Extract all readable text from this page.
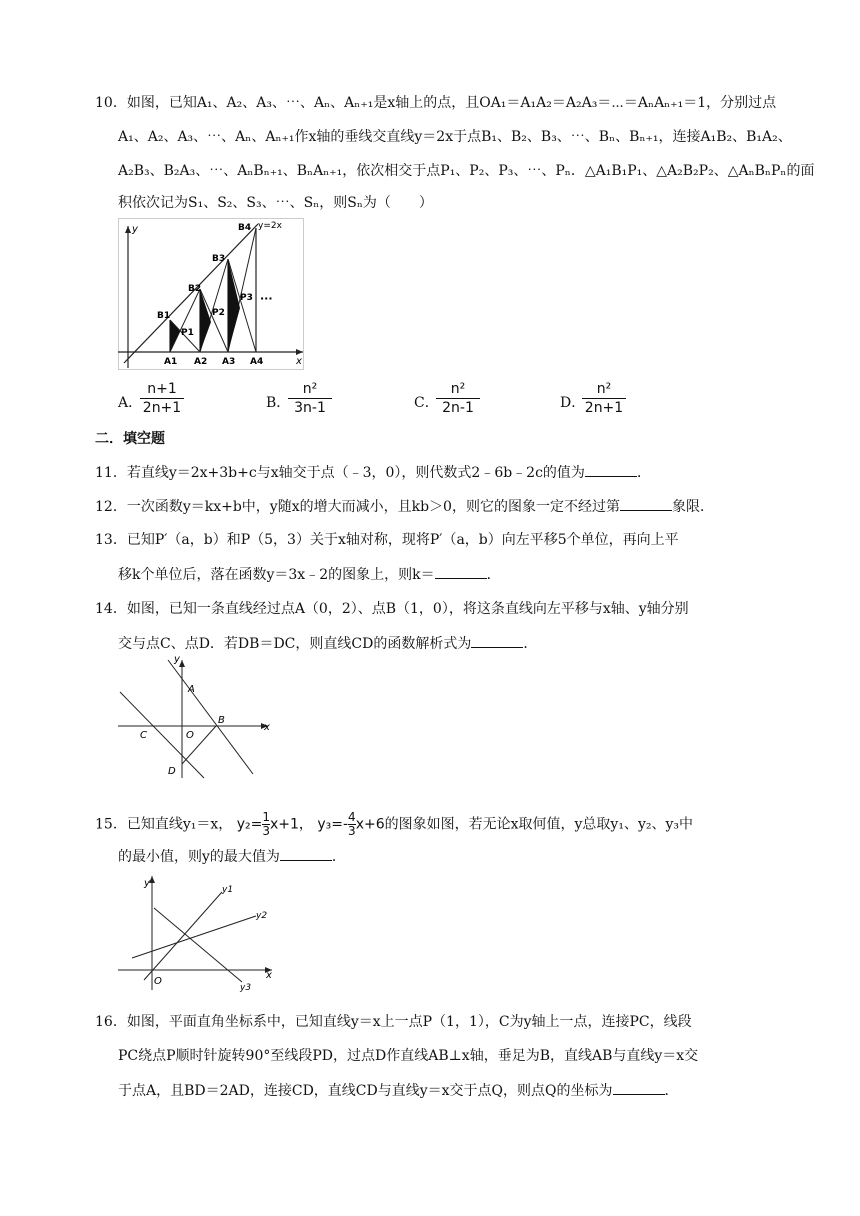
10．如图，已知A₁、A₂、A₃、⋯、Aₙ、Aₙ₊₁是x轴上的点，且OA₁＝A₁A₂＝A₂A₃＝⋯＝AₙAₙ₊₁＝1，分别过点
A₁、A₂、A₃、⋯、Aₙ、Aₙ₊₁作x轴的垂线交直线y＝2x于点B₁、B₂、B₃、⋯、Bₙ、Bₙ₊₁，连接A₁B₂、B₁A₂、
A₂B₃、B₂A₃、⋯、AₙBₙ₊₁、BₙAₙ₊₁，依次相交于点P₁、P₂、P₃、⋯、Pₙ．△A₁B₁P₁、△A₂B₂P₂、△AₙBₙPₙ的面
积依次记为S₁、S₂、S₃、⋯、Sₙ，则Sₙ为（　　）
y
x
y=2x
···
B1
B2
B3
B4
P1
P2
P3
A1 A2 A3 A4
A．
n+1
2n+1	B．
n²
3n-1	C．
n²
2n-1	D．
n²
2n+1
二．填空题
11．若直线y＝2x+3b+c与x轴交于点（﹣3，0），则代数式2﹣6b﹣2c的值为	．
12．一次函数y＝kx+b中，y随x的增大而减小，且kb＞0，则它的图象一定不经过第	象限．
13．已知P′（a，b）和P（5，3）关于x轴对称，现将P′（a，b）向左平移5个单位，再向上平
移k个单位后，落在函数y＝3x﹣2的图象上，则k＝	．
14．如图，已知一条直线经过点A（0，2）、点B（1，0），将这条直线向左平移与x轴、y轴分别
交与点C、点D．若DB＝DC，则直线CD的函数解析式为	．
y
x
A
B
C	O
D
15．已知直线y₁＝x， $y_2= \frac{1}{3} x+1$， $y_3=- \frac{4}{3} x+6$的图象如图，若无论x取何值，y总取y₁、y₂、y₃中
的最小值，则y的最大值为	．
y
x
O
y1
y2
y3
16．如图，平面直角坐标系中，已知直线y＝x上一点P（1，1），C为y轴上一点，连接PC，线段
PC绕点P顺时针旋转90°至线段PD，过点D作直线AB⊥x轴，垂足为B，直线AB与直线y＝x交
于点A，且BD＝2AD，连接CD，直线CD与直线y＝x交于点Q，则点Q的坐标为	．
